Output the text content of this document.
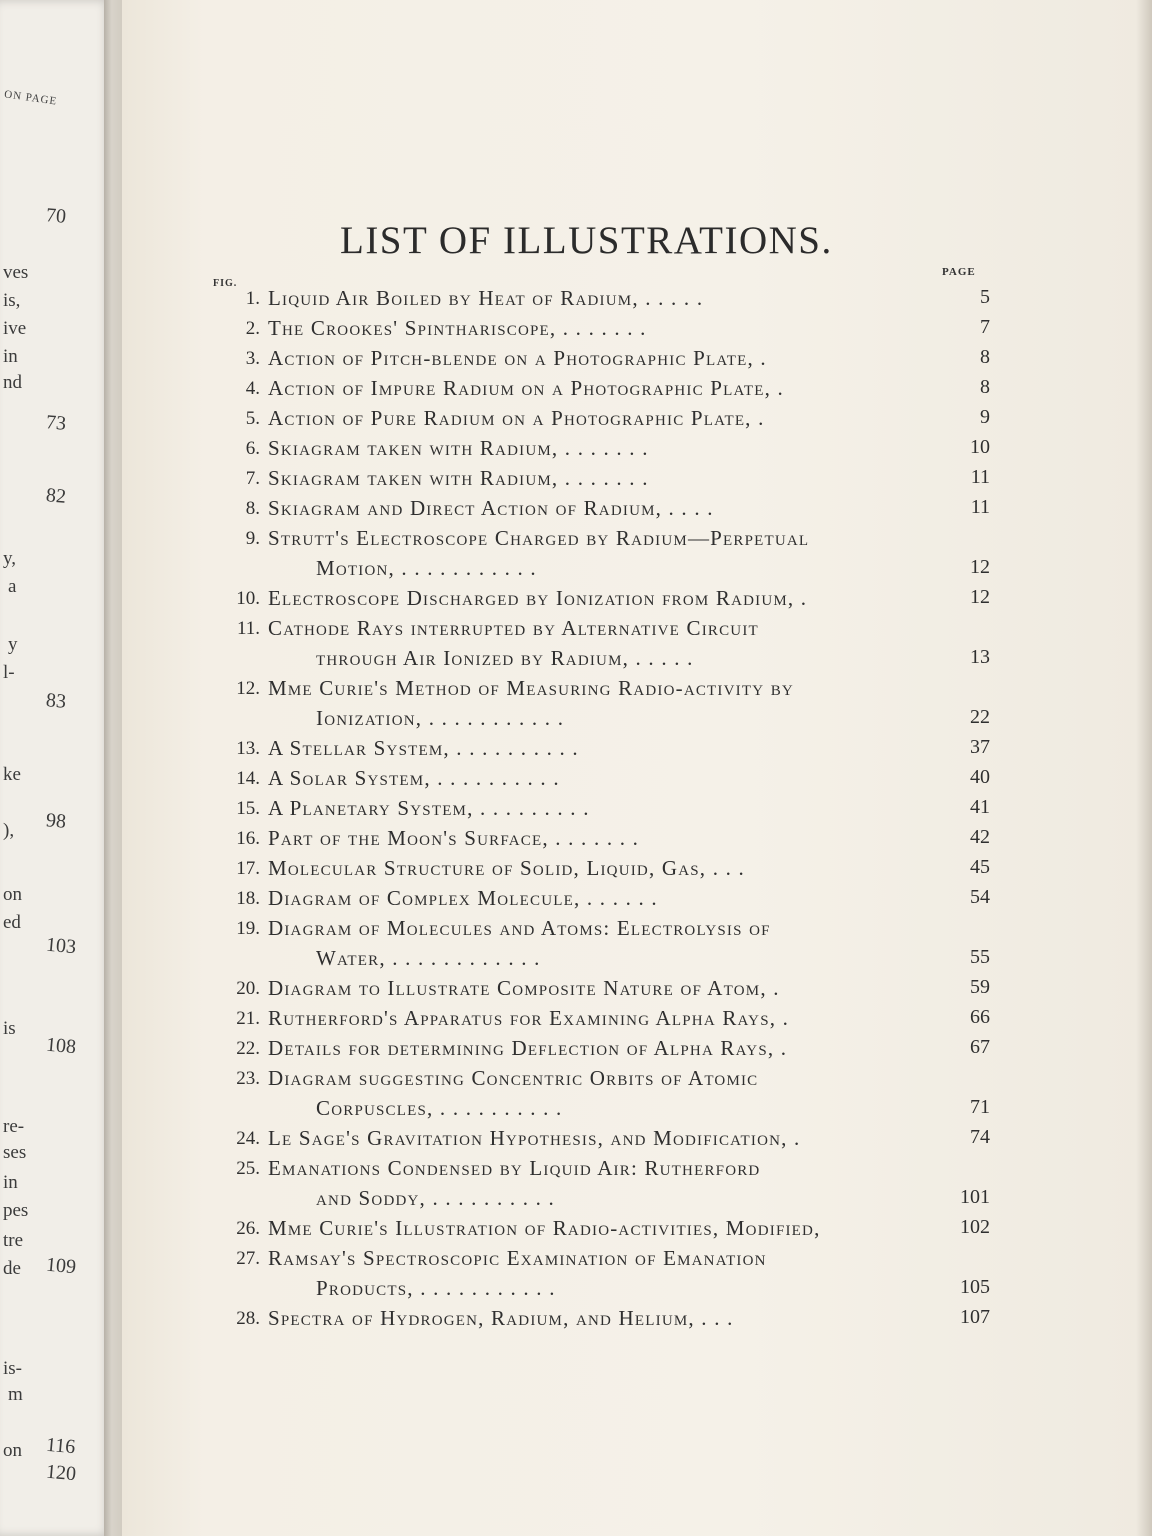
ON PAGE
70
73
82
83
98
103
108
109
116
120
ves
is,
ive
in
nd
y,
a
y
l-
ke
),
on
ed
is
re-
ses
in
pes
tre
de
is-
m
on
LIST OF ILLUSTRATIONS.
FIG.
PAGE
1. Liquid Air Boiled by Heat of Radium, . . . . .	5
2. The Crookes' Spinthariscope, . . . . . . .	7
3. Action of Pitch-blende on a Photographic Plate, .	8
4. Action of Impure Radium on a Photographic Plate, .	8
5. Action of Pure Radium on a Photographic Plate, .	9
6. Skiagram taken with Radium, . . . . . . .	10
7. Skiagram taken with Radium, . . . . . . .	11
8. Skiagram and Direct Action of Radium, . . . .	11
9. Strutt's Electroscope Charged by Radium—Perpetual
Motion, . . . . . . . . . . .	12
10. Electroscope Discharged by Ionization from Radium, .	12
11. Cathode Rays interrupted by Alternative Circuit
through Air Ionized by Radium, . . . . .	13
12. Mme Curie's Method of Measuring Radio-activity by
Ionization, . . . . . . . . . . .	22
13. A Stellar System, . . . . . . . . . .	37
14. A Solar System, . . . . . . . . . .	40
15. A Planetary System, . . . . . . . . .	41
16. Part of the Moon's Surface, . . . . . . .	42
17. Molecular Structure of Solid, Liquid, Gas, . . .	45
18. Diagram of Complex Molecule, . . . . . .	54
19. Diagram of Molecules and Atoms: Electrolysis of
Water, . . . . . . . . . . . .	55
20. Diagram to Illustrate Composite Nature of Atom, .	59
21. Rutherford's Apparatus for Examining Alpha Rays, .	66
22. Details for determining Deflection of Alpha Rays, .	67
23. Diagram suggesting Concentric Orbits of Atomic
Corpuscles, . . . . . . . . . .	71
24. Le Sage's Gravitation Hypothesis, and Modification, .	74
25. Emanations Condensed by Liquid Air: Rutherford
and Soddy, . . . . . . . . . .	101
26. Mme Curie's Illustration of Radio-activities, Modified,	102
27. Ramsay's Spectroscopic Examination of Emanation
Products, . . . . . . . . . . .	105
28. Spectra of Hydrogen, Radium, and Helium, . . .	107
